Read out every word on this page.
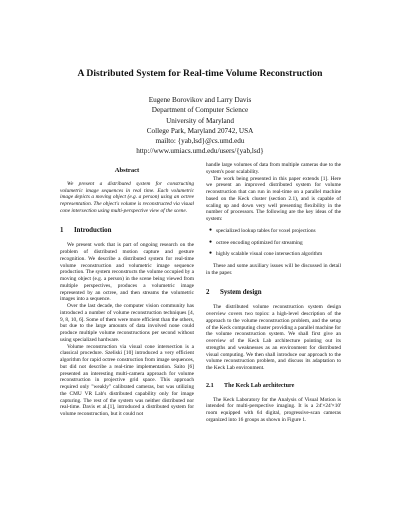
A Distributed System for Real-time Volume Reconstruction
Eugene Borovikov and Larry Davis
Department of Computer Science
University of Maryland
College Park, Maryland 20742, USA
mailto: {yab,lsd}@cs.umd.edu
http://www.umiacs.umd.edu/users/{yab,lsd}
Abstract

We present a distributed system for constructing volumetric image sequences in real time. Each volumetric image depicts a moving object (e.g. a person) using an octree representation. The object's volume is reconstructed via visual cone intersection using multi-perspective view of the scene.

1 Introduction

We present work that is part of ongoing research on the problem of distributed motion capture and gesture recognition. We describe a distributed system for real-time volume reconstruction and volumetric image sequence production. The system reconstructs the volume occupied by a moving object (e.g. a person) in the scene being viewed from multiple perspectives, produces a volumetric image represented by an octree, and then streams the volumetric images into a sequence.

Over the last decade, the computer vision community has introduced a number of volume reconstruction techniques [4, 9, 8, 10, 6]. Some of them were more efficient than the others, but due to the large amounts of data involved none could produce multiple volume reconstructions per second without using specialized hardware.

Volume reconstruction via visual cone intersection is a classical procedure. Szeliski [10] introduced a very efficient algorithm for rapid octree construction from image sequences, but did not describe a real-time implementation. Saito [6] presented an interesting multi-camera approach for volume reconstruction in projective grid space. This approach required only "weakly" calibrated cameras, but was utilizing the CMU VR Lab's distributed capability only for image capturing. The rest of the system was neither distributed nor real-time. Davis et al.[1], introduced a distributed system for volume reconstruction, but it could not

handle large volumes of data from multiple cameras due to the system's poor scalability.

The work being presented in this paper extends [1]. Here we present an improved distributed system for volume reconstruction that can run in real-time on a parallel machine based on the Keck cluster (section 2.1), and is capable of scaling up and down very well presenting flexibility in the number of processors. The following are the key ideas of the system:

● specialized lookup tables for voxel projections
● octree encoding optimized for streaming
● highly scalable visual cone intersection algorithm

These and some auxiliary issues will be discussed in detail in the paper.

2 System design

The distributed volume reconstruction system design overview covers two topics: a high-level description of the approach to the volume reconstruction problem, and the setup of the Keck computing cluster providing a parallel machine for the volume reconstruction system. We shall first give an overview of the Keck Lab architecture pointing out its strengths and weaknesses as an environment for distributed visual computing. We then shall introduce our approach to the volume reconstruction problem, and discuss its adaptation to the Keck Lab environment.

2.1 The Keck Lab architecture

The Keck Laboratory for the Analysis of Visual Motion is intended for multi-perspective imaging. It is a 24'×24'×10' room equipped with 64 digital, progressive-scan cameras organized into 16 groups as shown in Figure 1.
